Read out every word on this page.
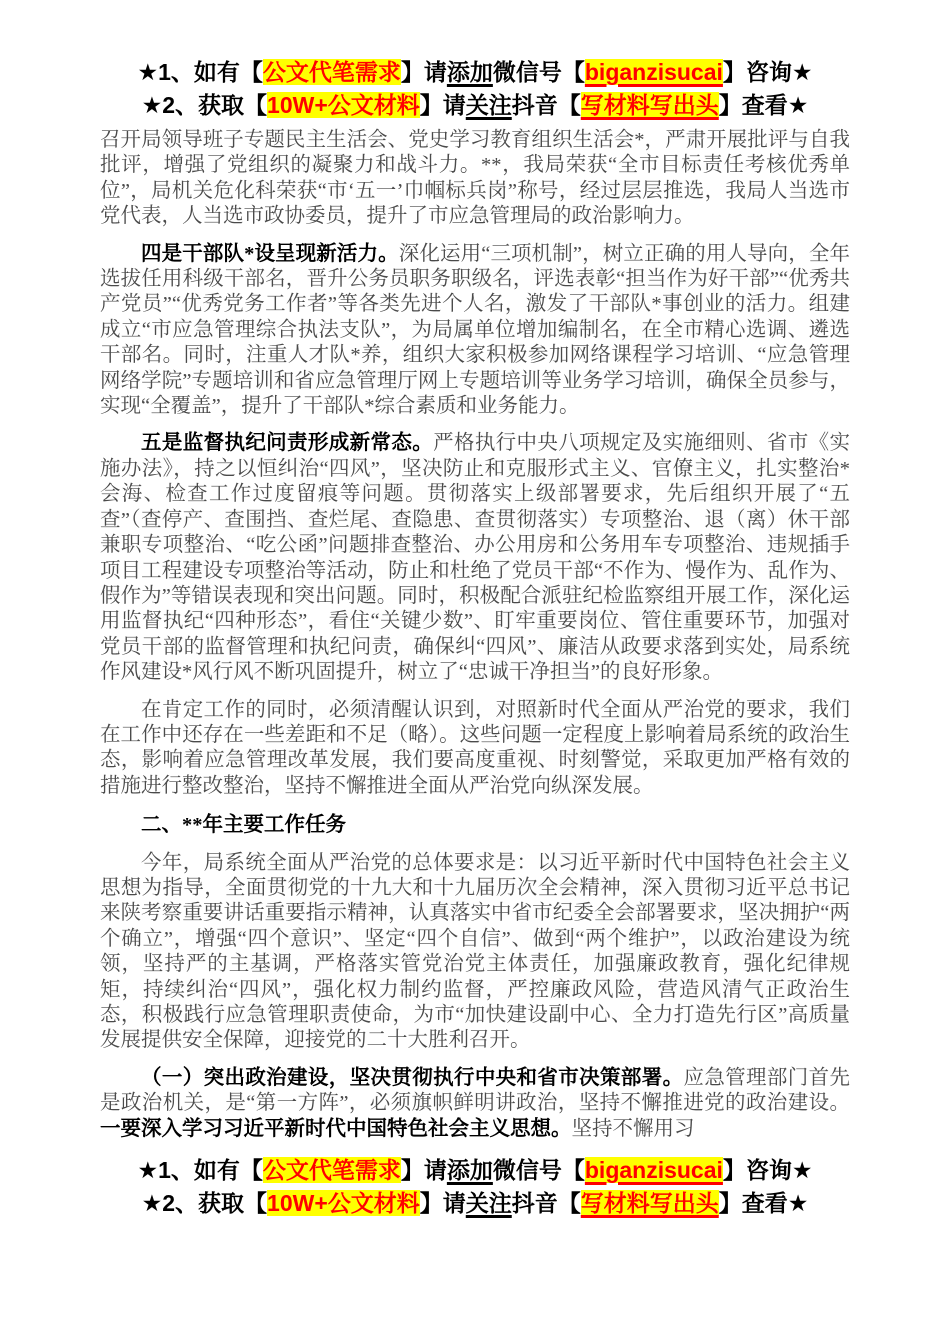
★1、如有【公文代笔需求】请添加微信号【biganzisucai】咨询★
★2、获取【10W+公文材料】请关注抖音【写材料写出头】查看★

召开局领导班子专题民主生活会、党史学习教育组织生活会*，严肃开展批评与自我批评，增强了党组织的凝聚力和战斗力。**，我局荣获“全市目标责任考核优秀单位”，局机关危化科荣获“市‘五一’巾帼标兵岗”称号，经过层层推选，我局人当选市党代表，人当选市政协委员，提升了市应急管理局的政治影响力。

四是干部队*设呈现新活力。深化运用“三项机制”，树立正确的用人导向，全年选拔任用科级干部名，晋升公务员职务职级名，评选表彰“担当作为好干部”“优秀共产党员”“优秀党务工作者”等各类先进个人名，激发了干部队*事创业的活力。组建成立“市应急管理综合执法支队”，为局属单位增加编制名，在全市精心选调、遴选干部名。同时，注重人才队*养，组织大家积极参加网络课程学习培训、“应急管理网络学院”专题培训和省应急管理厅网上专题培训等业务学习培训，确保全员参与，实现“全覆盖”，提升了干部队*综合素质和业务能力。

五是监督执纪问责形成新常态。严格执行中央八项规定及实施细则、省市《实施办法》，持之以恒纠治“四风”，坚决防止和克服形式主义、官僚主义，扎实整治*会海、检查工作过度留痕等问题。贯彻落实上级部署要求，先后组织开展了“五查”（查停产、查围挡、查烂尾、查隐患、查贯彻落实）专项整治、退（离）休干部兼职专项整治、“吃公函”问题排查整治、办公用房和公务用车专项整治、违规插手项目工程建设专项整治等活动，防止和杜绝了党员干部“不作为、慢作为、乱作为、假作为”等错误表现和突出问题。同时，积极配合派驻纪检监察组开展工作，深化运用监督执纪“四种形态”，看住“关键少数”、盯牢重要岗位、管住重要环节，加强对党员干部的监督管理和执纪问责，确保纠“四风”、廉洁从政要求落到实处，局系统作风建设*风行风不断巩固提升，树立了“忠诚干净担当”的良好形象。

在肯定工作的同时，必须清醒认识到，对照新时代全面从严治党的要求，我们在工作中还存在一些差距和不足（略）。这些问题一定程度上影响着局系统的政治生态，影响着应急管理改革发展，我们要高度重视、时刻警觉，采取更加严格有效的措施进行整改整治，坚持不懈推进全面从严治党向纵深发展。

二、**年主要工作任务

今年，局系统全面从严治党的总体要求是：以习近平新时代中国特色社会主义思想为指导，全面贯彻党的十九大和十九届历次全会精神，深入贯彻习近平总书记来陕考察重要讲话重要指示精神，认真落实中省市纪委全会部署要求，坚决拥护“两个确立”，增强“四个意识”、坚定“四个自信”、做到“两个维护”，以政治建设为统领，坚持严的主基调，严格落实管党治党主体责任，加强廉政教育，强化纪律规矩，持续纠治“四风”，强化权力制约监督，严控廉政风险，营造风清气正政治生态，积极践行应急管理职责使命，为市“加快建设副中心、全力打造先行区”高质量发展提供安全保障，迎接党的二十大胜利召开。

（一）突出政治建设，坚决贯彻执行中央和省市决策部署。应急管理部门首先是政治机关，是“第一方阵”，必须旗帜鲜明讲政治，坚持不懈推进党的政治建设。一要深入学习习近平新时代中国特色社会主义思想。坚持不懈用习

★1、如有【公文代笔需求】请添加微信号【biganzisucai】咨询★
★2、获取【10W+公文材料】请关注抖音【写材料写出头】查看★
